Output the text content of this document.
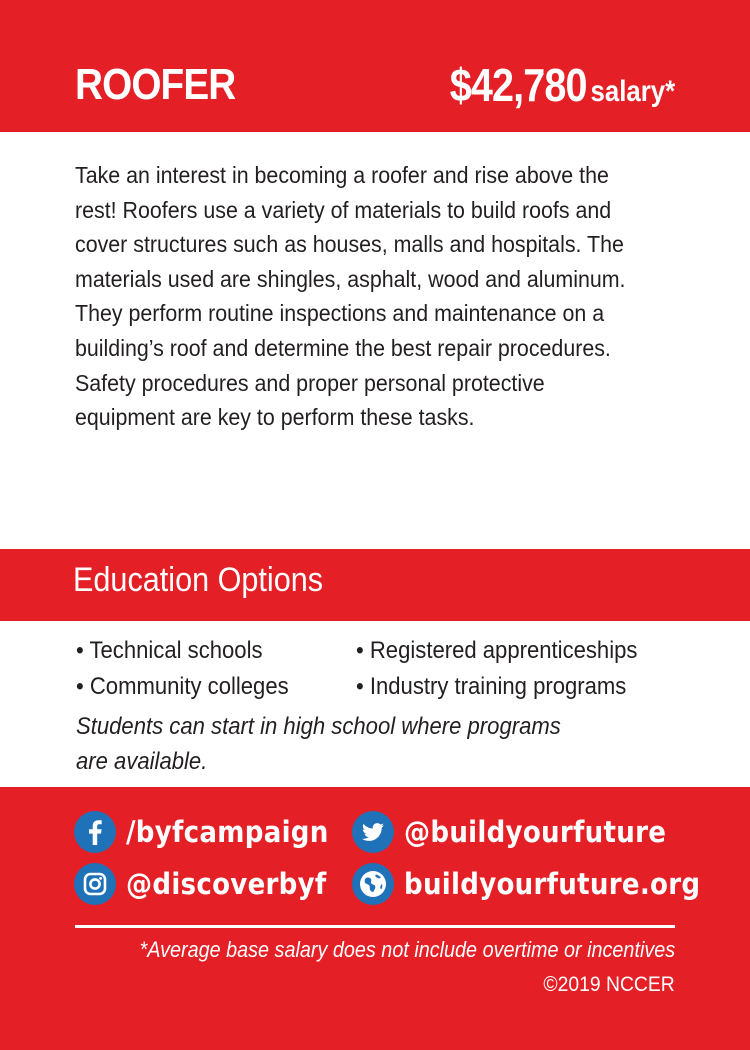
ROOFER	$42,780 salary*
Take an interest in becoming a roofer and rise above the rest! Roofers use a variety of materials to build roofs and cover structures such as houses, malls and hospitals. The materials used are shingles, asphalt, wood and aluminum. They perform routine inspections and maintenance on a building’s roof and determine the best repair procedures. Safety procedures and proper personal protective equipment are key to perform these tasks.
Education Options
• Technical schools
• Community colleges
• Registered apprenticeships
• Industry training programs
Students can start in high school where programs are available.
/byfcampaign	@buildyourfuture
@discoverbyf	buildyourfuture.org
*Average base salary does not include overtime or incentives
©2019 NCCER
